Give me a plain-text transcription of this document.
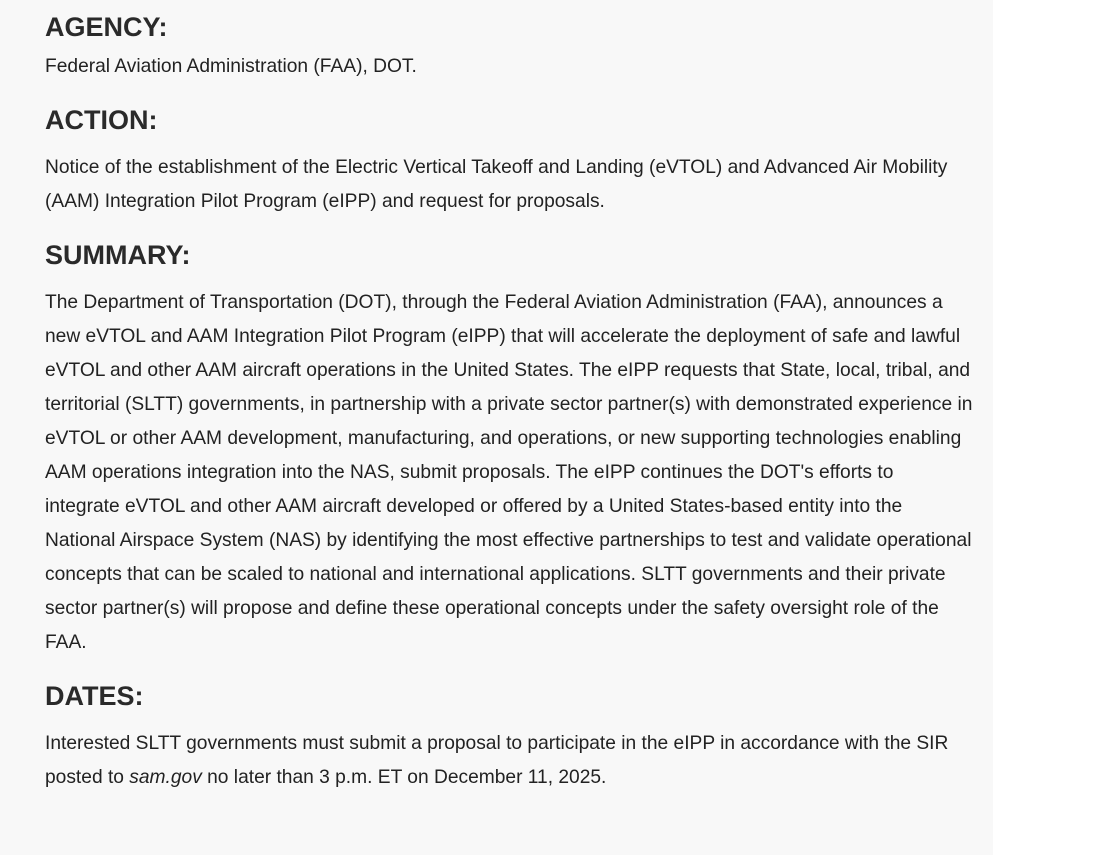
AGENCY:

Federal Aviation Administration (FAA), DOT.

ACTION:

Notice of the establishment of the Electric Vertical Takeoff and Landing (eVTOL) and Advanced Air Mobility (AAM) Integration Pilot Program (eIPP) and request for proposals.

SUMMARY:

The Department of Transportation (DOT), through the Federal Aviation Administration (FAA), announces a new eVTOL and AAM Integration Pilot Program (eIPP) that will accelerate the deployment of safe and lawful eVTOL and other AAM aircraft operations in the United States. The eIPP requests that State, local, tribal, and territorial (SLTT) governments, in partnership with a private sector partner(s) with demonstrated experience in eVTOL or other AAM development, manufacturing, and operations, or new supporting technologies enabling AAM operations integration into the NAS, submit proposals. The eIPP continues the DOT's efforts to integrate eVTOL and other AAM aircraft developed or offered by a United States-based entity into the National Airspace System (NAS) by identifying the most effective partnerships to test and validate operational concepts that can be scaled to national and international applications. SLTT governments and their private sector partner(s) will propose and define these operational concepts under the safety oversight role of the FAA.

DATES:

Interested SLTT governments must submit a proposal to participate in the eIPP in accordance with the SIR posted to sam.gov no later than 3 p.m. ET on December 11, 2025.
